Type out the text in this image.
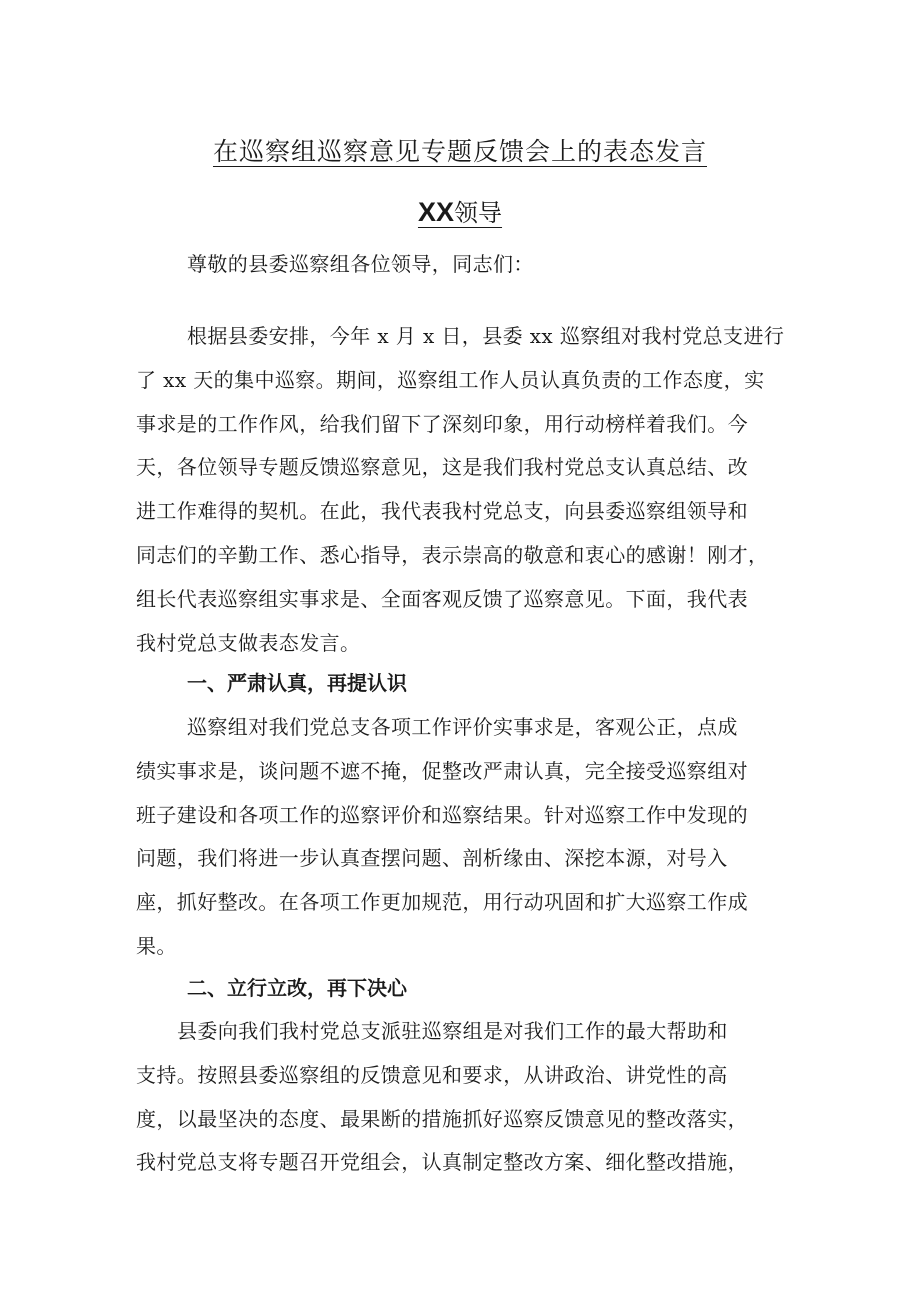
在巡察组巡察意见专题反馈会上的表态发言
XX领导
尊敬的县委巡察组各位领导，同志们：
根据县委安排，今年 x 月 x 日，县委 xx 巡察组对我村党总支进行
了 xx 天的集中巡察。期间，巡察组工作人员认真负责的工作态度，实
事求是的工作作风，给我们留下了深刻印象，用行动榜样着我们。今
天，各位领导专题反馈巡察意见，这是我们我村党总支认真总结、改
进工作难得的契机。在此，我代表我村党总支，向县委巡察组领导和
同志们的辛勤工作、悉心指导，表示崇高的敬意和衷心的感谢！刚才，
组长代表巡察组实事求是、全面客观反馈了巡察意见。下面，我代表
我村党总支做表态发言。
一、严肃认真，再提认识
巡察组对我们党总支各项工作评价实事求是，客观公正，点成
绩实事求是，谈问题不遮不掩，促整改严肃认真，完全接受巡察组对
班子建设和各项工作的巡察评价和巡察结果。针对巡察工作中发现的
问题，我们将进一步认真查摆问题、剖析缘由、深挖本源，对号入
座，抓好整改。在各项工作更加规范，用行动巩固和扩大巡察工作成
果。
二、立行立改，再下决心
县委向我们我村党总支派驻巡察组是对我们工作的最大帮助和
支持。按照县委巡察组的反馈意见和要求，从讲政治、讲党性的高
度，以最坚决的态度、最果断的措施抓好巡察反馈意见的整改落实，
我村党总支将专题召开党组会，认真制定整改方案、细化整改措施，
